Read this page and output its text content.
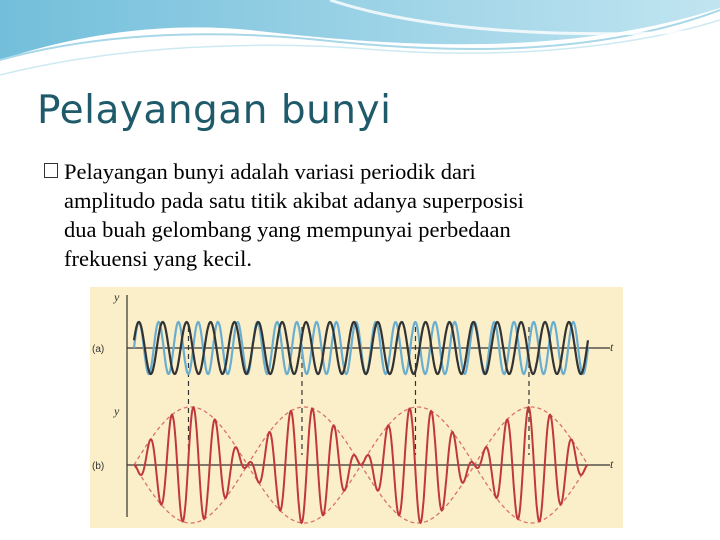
Pelayangan bunyi
Pelayangan bunyi adalah variasi periodik dari
amplitudo pada satu titik akibat adanya superposisi
dua buah gelombang yang mempunyai perbedaan
frekuensi yang kecil.
y
t
(a)
y
t
(b)
